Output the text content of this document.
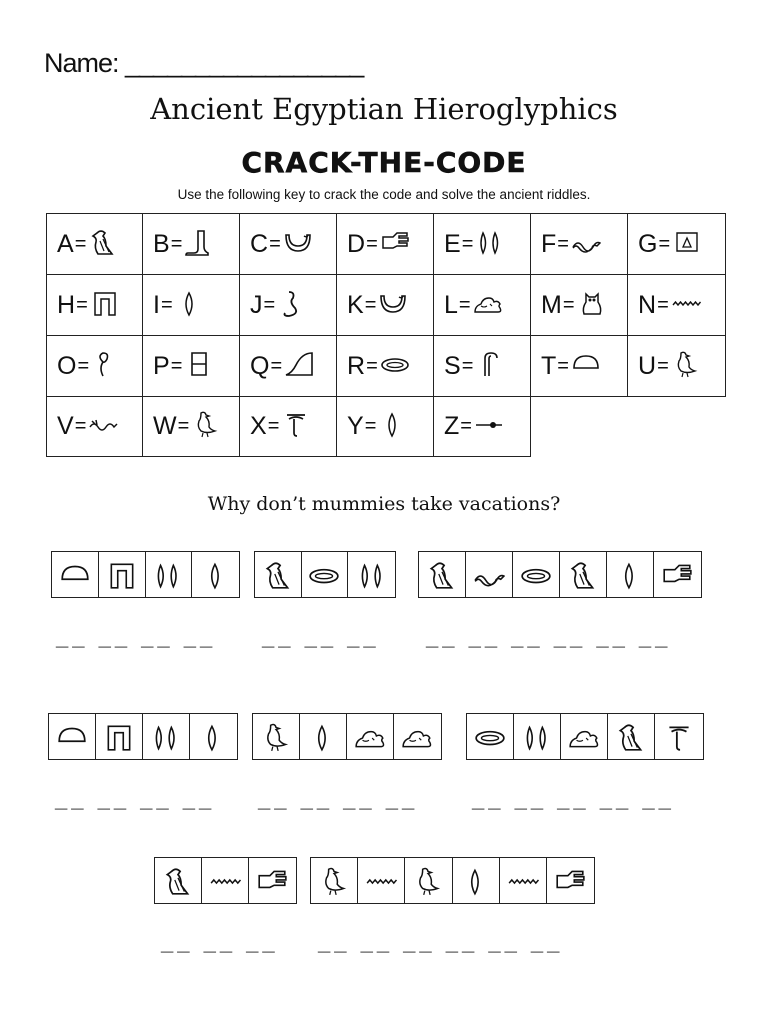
Name: _________________
Ancient Egyptian Hieroglyphics
CRACK-THE-CODE
Use the following key to crack the code and solve the ancient riddles.
A =	B =	C =	D =	E =	F =	G =
H =	I =	J =	K =	L =	M =	N =
O =	P =	Q =	R =	S =	T =	U =
V =	W = X =	Y =	Z =
Why don’t mummies take vacations?
__ __ __ __ __ __ __ __ __ __ __ __ __
__ __ __ __ __ __ __ __ __ __ __ __ __
__ __ __ __ __ __ __ __ __
